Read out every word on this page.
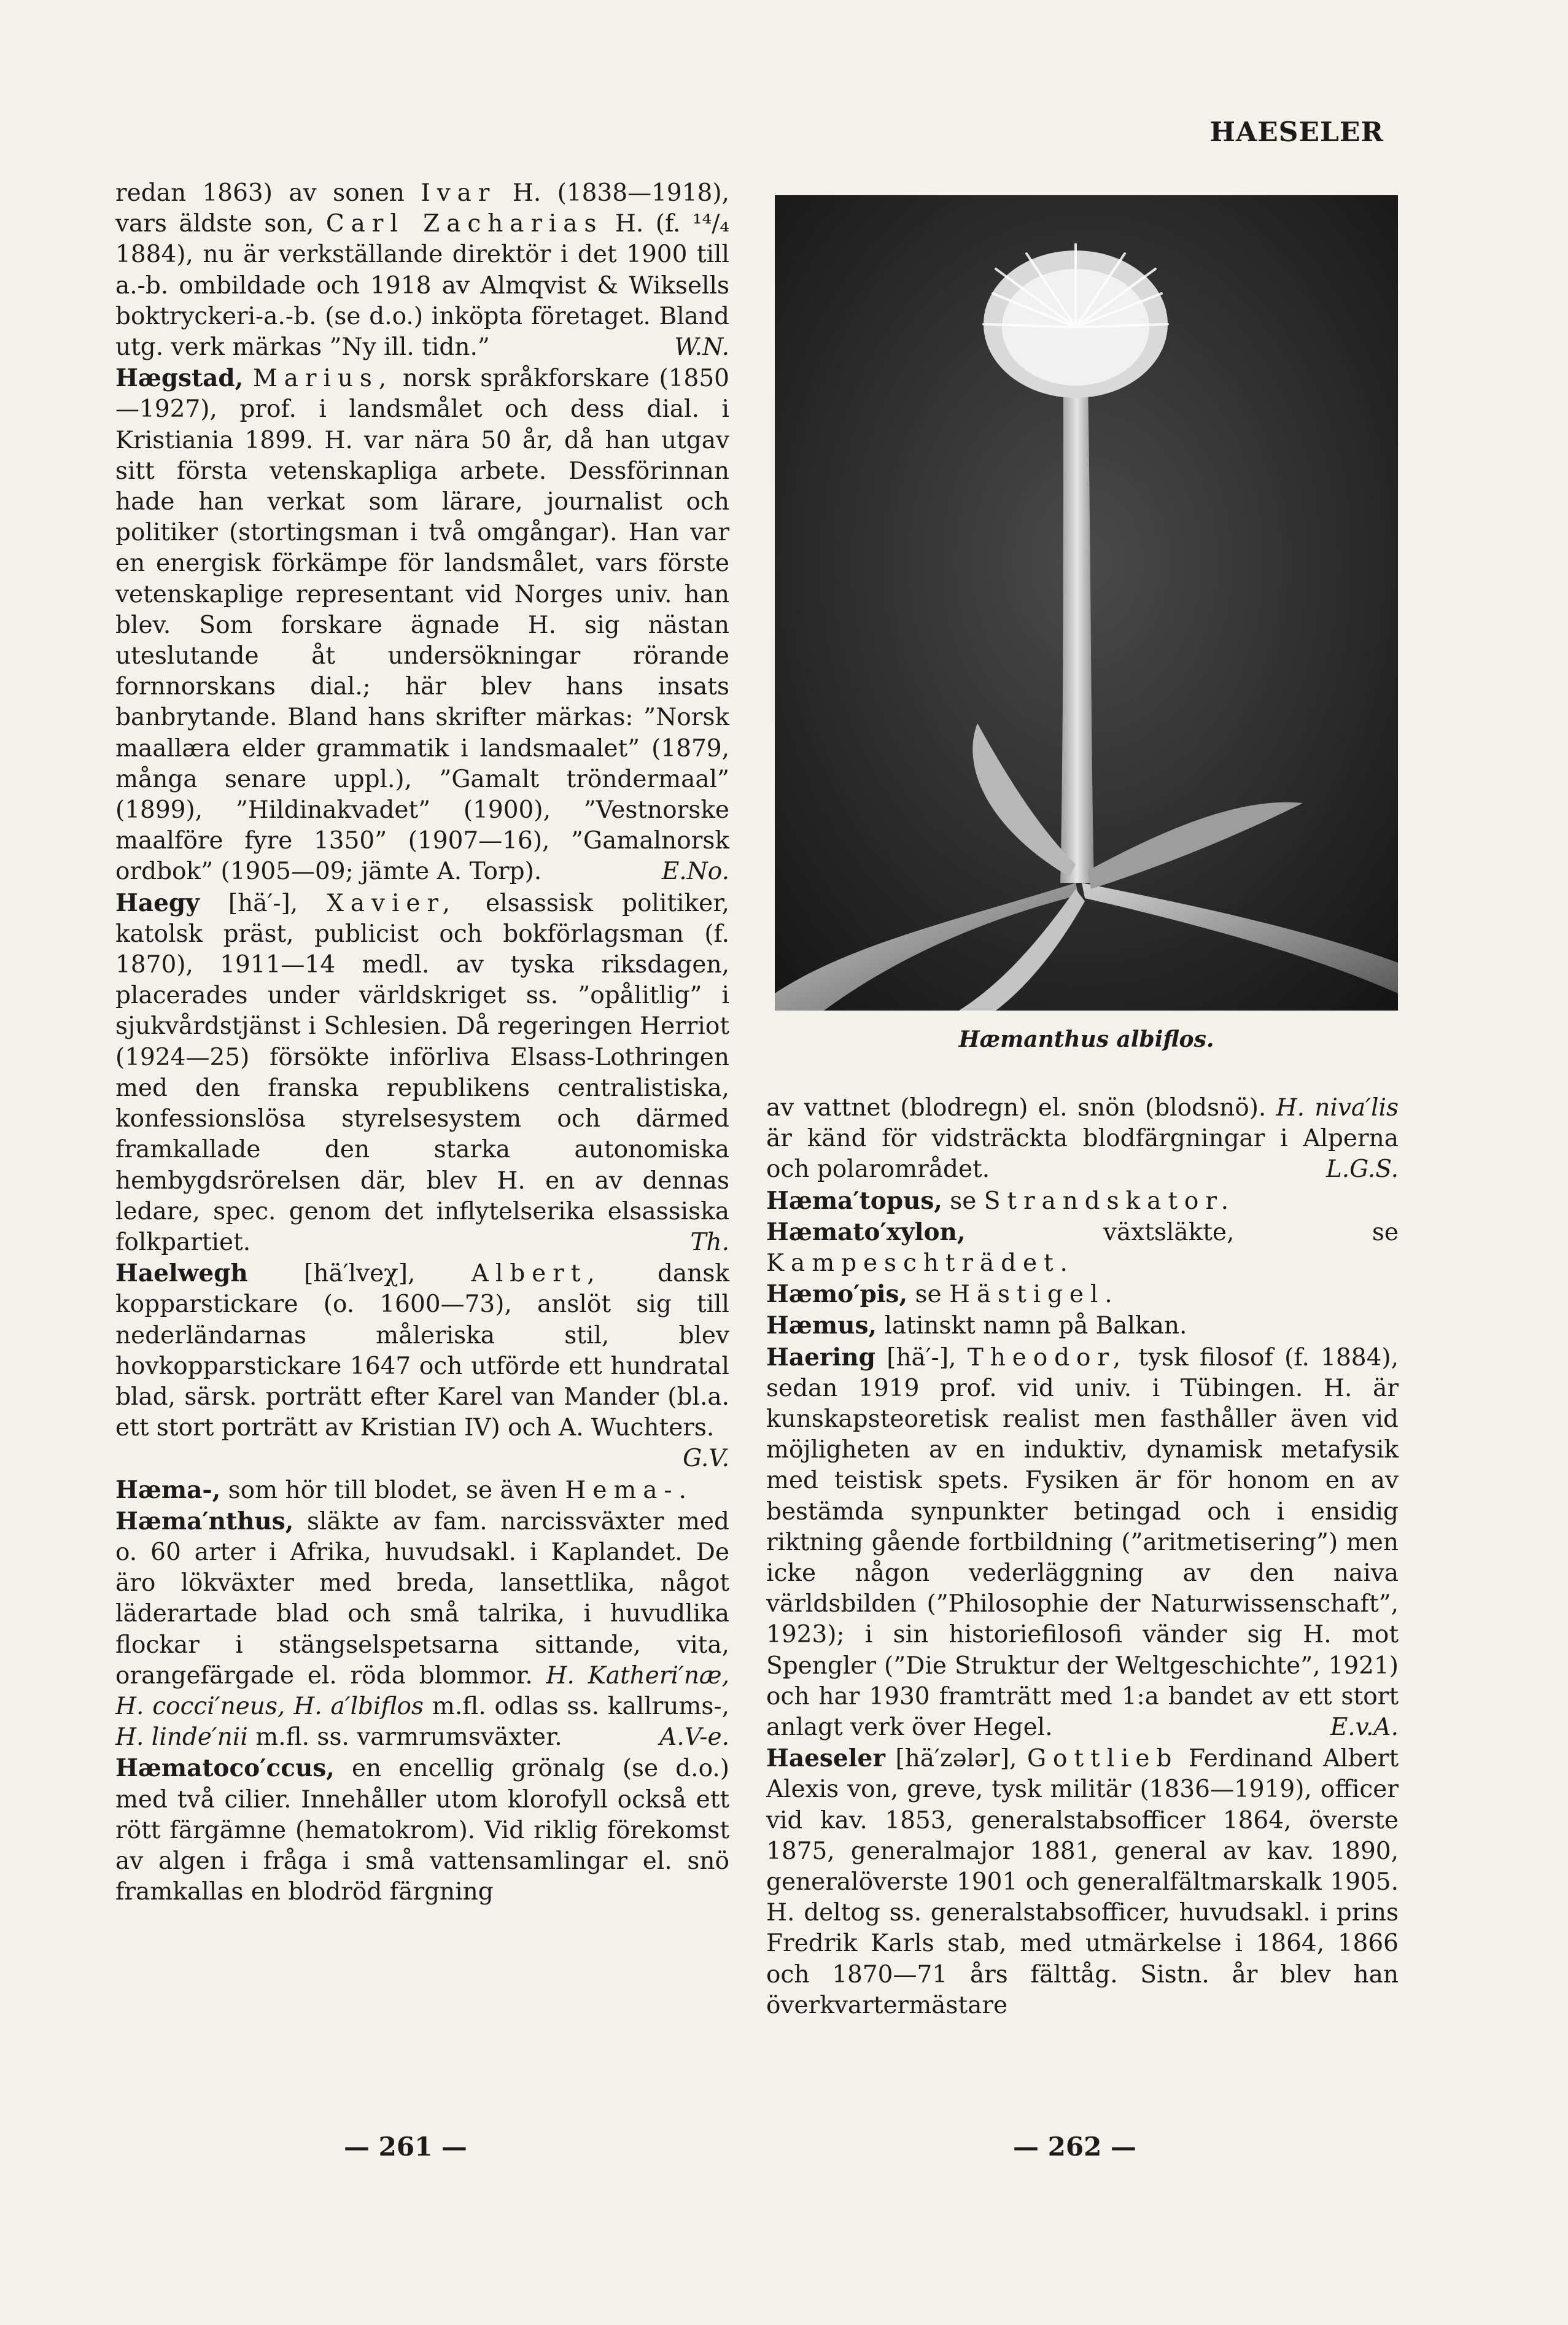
HAESELER

redan 1863) av sonen Ivar H. (1838—1918), vars äldste son, Carl Zacharias H. (f. ¹⁴/₄ 1884), nu är verkställande direktör i det 1900 till a.-b. ombildade och 1918 av Almqvist & Wiksells boktryckeri-a.-b. (se d.o.) inköpta företaget. Bland utg. verk märkas ”Ny ill. tidn.”	W.N.

Hægstad, Marius, norsk språkforskare (1850—1927), prof. i landsmålet och dess dial. i Kristiania 1899. H. var nära 50 år, då han utgav sitt första vetenskapliga arbete. Dessförinnan hade han verkat som lärare, journalist och politiker (stortingsman i två omgångar). Han var en energisk förkämpe för landsmålet, vars förste vetenskaplige representant vid Norges univ. han blev. Som forskare ägnade H. sig nästan uteslutande åt undersökningar rörande fornnorskans dial.; här blev hans insats banbrytande. Bland hans skrifter märkas: ”Norsk maallæra elder grammatik i landsmaalet” (1879, många senare uppl.), ”Gamalt tröndermaal” (1899), ”Hildinakvadet” (1900), ”Vestnorske maalföre fyre 1350” (1907—16), ”Gamalnorsk ordbok” (1905—09; jämte A. Torp).	E.No.

Haegy [hä′-], Xavier, elsassisk politiker, katolsk präst, publicist och bokförlagsman (f. 1870), 1911—14 medl. av tyska riksdagen, placerades under världskriget ss. ”opålitlig” i sjukvårdstjänst i Schlesien. Då regeringen Herriot (1924—25) försökte införliva Elsass-Lothringen med den franska republikens centralistiska, konfessionslösa styrelsesystem och därmed framkallade den starka autonomiska hembygdsrörelsen där, blev H. en av dennas ledare, spec. genom det inflytelserika elsassiska folkpartiet.	Th.

Haelwegh [hä′lveχ], Albert, dansk kopparstickare (o. 1600—73), anslöt sig till nederländarnas måleriska stil, blev hovkopparstickare 1647 och utförde ett hundratal blad, särsk. porträtt efter Karel van Mander (bl.a. ett stort porträtt av Kristian IV) och A. Wuchters.
G.V.

Hæma-, som hör till blodet, se även Hema-.

Hæma′nthus, släkte av fam. narcissväxter med o. 60 arter i Afrika, huvudsakl. i Kaplandet. De äro lökväxter med breda, lansettlika, något läderartade blad och små talrika, i huvudlika flockar i stängselspetsarna sittande, vita, orangefärgade el. röda blommor. H. Katheri′næ, H. cocci′neus, H. a′lbiflos m.fl. odlas ss. kallrums-, H. linde′nii m.fl. ss. varmrumsväxter.	A.V-e.

Hæmatoco′ccus, en encellig grönalg (se d.o.) med två cilier. Innehåller utom klorofyll också ett rött färgämne (hematokrom). Vid riklig förekomst av algen i fråga i små vattensamlingar el. snö framkallas en blodröd färgning

Hæmanthus albiflos.

av vattnet (blodregn) el. snön (blodsnö). H. niva′lis är känd för vidsträckta blodfärgningar i Alperna och polarområdet.	L.G.S.

Hæma′topus, se Strandskator.

Hæmato′xylon, växtsläkte, se Kampeschträdet.

Hæmo′pis, se Hästigel.

Hæmus, latinskt namn på Balkan.

Haering [hä′-], Theodor, tysk filosof (f. 1884), sedan 1919 prof. vid univ. i Tübingen. H. är kunskapsteoretisk realist men fasthåller även vid möjligheten av en induktiv, dynamisk metafysik med teistisk spets. Fysiken är för honom en av bestämda synpunkter betingad och i ensidig riktning gående fortbildning (”aritmetisering”) men icke någon vederläggning av den naiva världsbilden (”Philosophie der Naturwissenschaft”, 1923); i sin historiefilosofi vänder sig H. mot Spengler (”Die Struktur der Weltgeschichte”, 1921) och har 1930 framträtt med 1:a bandet av ett stort anlagt verk över Hegel.	E.v.A.

Haeseler [hä′zələr], Gottlieb Ferdinand Albert Alexis von, greve, tysk militär (1836—1919), officer vid kav. 1853, generalstabsofficer 1864, överste 1875, generalmajor 1881, general av kav. 1890, generalöverste 1901 och generalfältmarskalk 1905. H. deltog ss. generalstabsofficer, huvudsakl. i prins Fredrik Karls stab, med utmärkelse i 1864, 1866 och 1870—71 års fälttåg. Sistn. år blev han överkvartermästare

— 261 —	— 262 —
